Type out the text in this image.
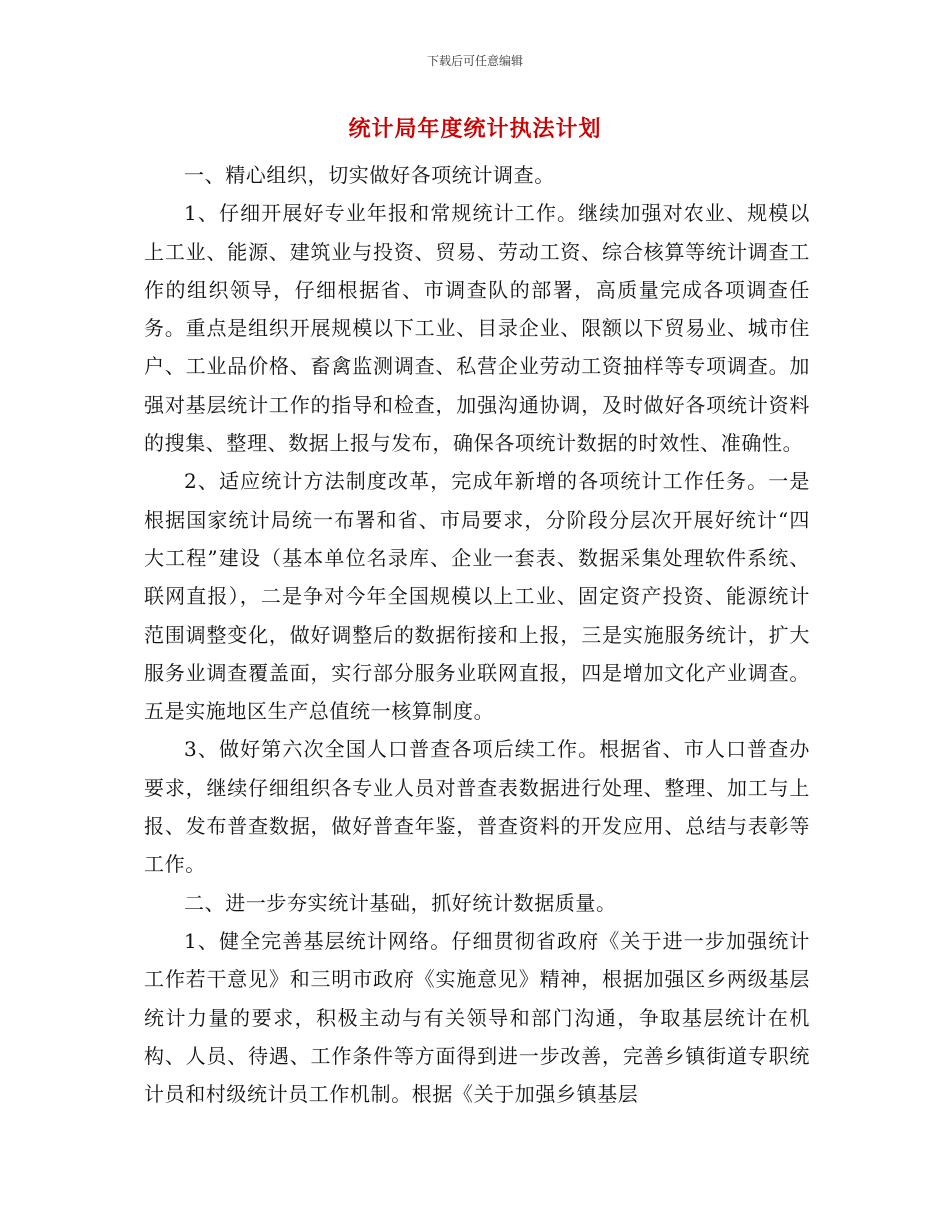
下载后可任意编辑
统计局年度统计执法计划

一、精心组织，切实做好各项统计调查。

1、仔细开展好专业年报和常规统计工作。继续加强对农业、规模以上工业、能源、建筑业与投资、贸易、劳动工资、综合核算等统计调查工作的组织领导，仔细根据省、市调查队的部署，高质量完成各项调查任务。重点是组织开展规模以下工业、目录企业、限额以下贸易业、城市住户、工业品价格、畜禽监测调查、私营企业劳动工资抽样等专项调查。加强对基层统计工作的指导和检查，加强沟通协调，及时做好各项统计资料的搜集、整理、数据上报与发布，确保各项统计数据的时效性、准确性。

2、适应统计方法制度改革，完成年新增的各项统计工作任务。一是根据国家统计局统一布署和省、市局要求，分阶段分层次开展好统计“四大工程”建设（基本单位名录库、企业一套表、数据采集处理软件系统、联网直报），二是争对今年全国规模以上工业、固定资产投资、能源统计范围调整变化，做好调整后的数据衔接和上报，三是实施服务统计，扩大服务业调查覆盖面，实行部分服务业联网直报，四是增加文化产业调查。五是实施地区生产总值统一核算制度。

3、做好第六次全国人口普查各项后续工作。根据省、市人口普查办要求，继续仔细组织各专业人员对普查表数据进行处理、整理、加工与上报、发布普查数据，做好普查年鉴，普查资料的开发应用、总结与表彰等工作。

二、进一步夯实统计基础，抓好统计数据质量。

1、健全完善基层统计网络。仔细贯彻省政府《关于进一步加强统计工作若干意见》和三明市政府《实施意见》精神，根据加强区乡两级基层统计力量的要求，积极主动与有关领导和部门沟通，争取基层统计在机构、人员、待遇、工作条件等方面得到进一步改善，完善乡镇街道专职统计员和村级统计员工作机制。根据《关于加强乡镇基层
